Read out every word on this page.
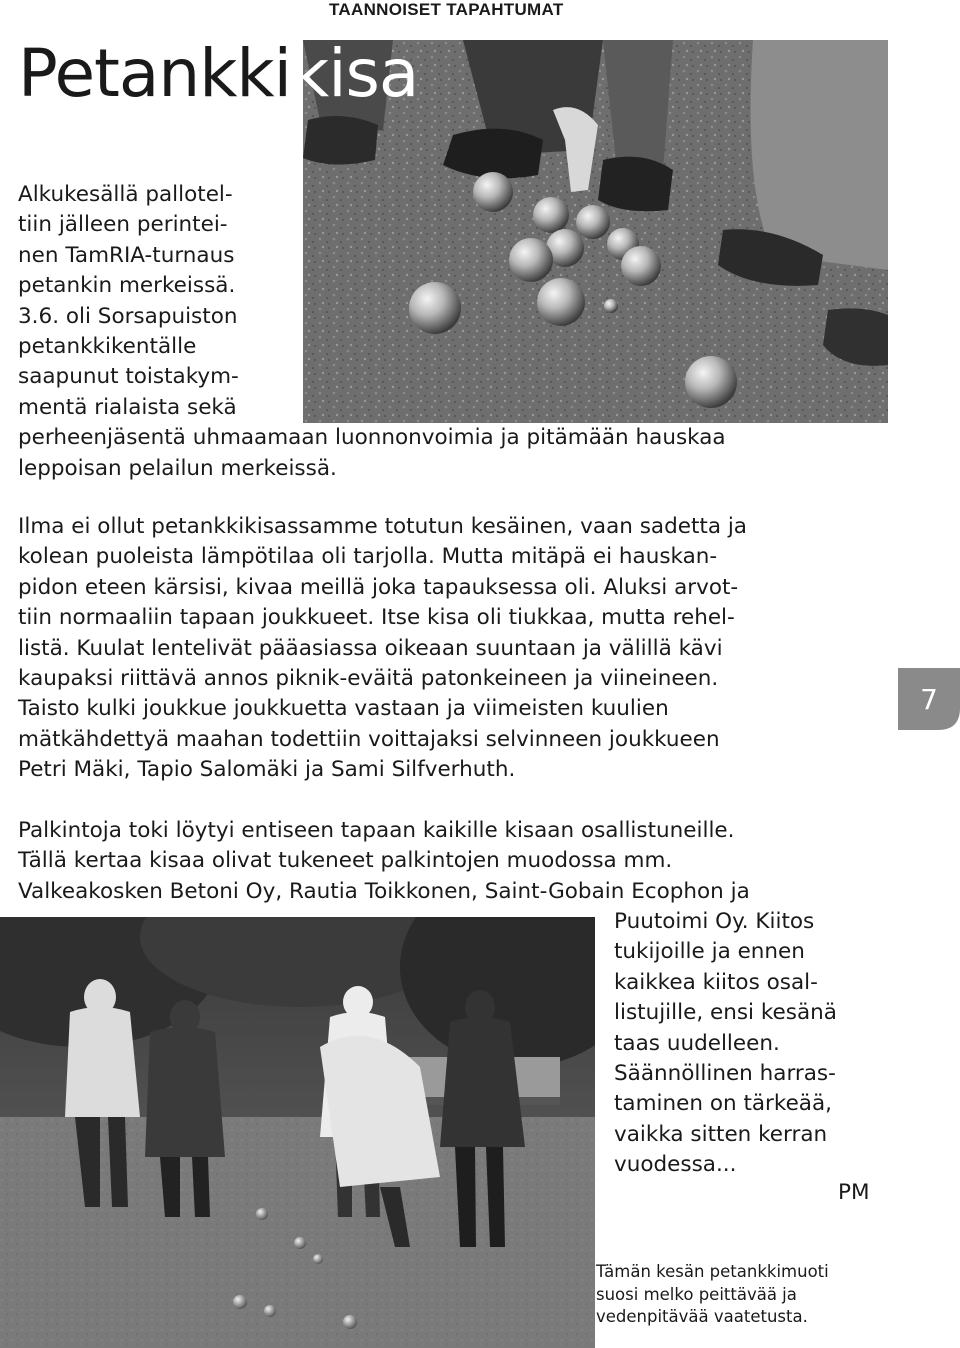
TAANNOISET TAPAHTUMAT
Petankkikisa

Alkukesällä pallotel-
tiin jälleen perintei-
nen TamRIA-turnaus
petankin merkeissä.
3.6. oli Sorsapuiston
petankkikentälle
saapunut toistakym-
mentä rialaista sekä
perheenjäsentä uhmaamaan luonnonvoimia ja pitämään hauskaa
leppoisan pelailun merkeissä.

Ilma ei ollut petankkikisassamme totutun kesäinen, vaan sadetta ja
kolean puoleista lämpötilaa oli tarjolla. Mutta mitäpä ei hauskan-
pidon eteen kärsisi, kivaa meillä joka tapauksessa oli. Aluksi arvot-
tiin normaaliin tapaan joukkueet. Itse kisa oli tiukkaa, mutta rehel-
listä. Kuulat lentelivät pääasiassa oikeaan suuntaan ja välillä kävi
kaupaksi riittävä annos piknik-eväitä patonkeineen ja viineineen.
Taisto kulki joukkue joukkuetta vastaan ja viimeisten kuulien
mätkähdettyä maahan todettiin voittajaksi selvinneen joukkueen
Petri Mäki, Tapio Salomäki ja Sami Silfverhuth.

7

Palkintoja toki löytyi entiseen tapaan kaikille kisaan osallistuneille.
Tällä kertaa kisaa olivat tukeneet palkintojen muodossa mm.
Valkeakosken Betoni Oy, Rautia Toikkonen, Saint-Gobain Ecophon ja

Puutoimi Oy. Kiitos
tukijoille ja ennen
kaikkea kiitos osal-
listujille, ensi kesänä
taas uudelleen.
Säännöllinen harras-
taminen on tärkeää,
vaikka sitten kerran
vuodessa...

PM

Tämän kesän petankkimuoti
suosi melko peittävää ja
vedenpitävää vaatetusta.
